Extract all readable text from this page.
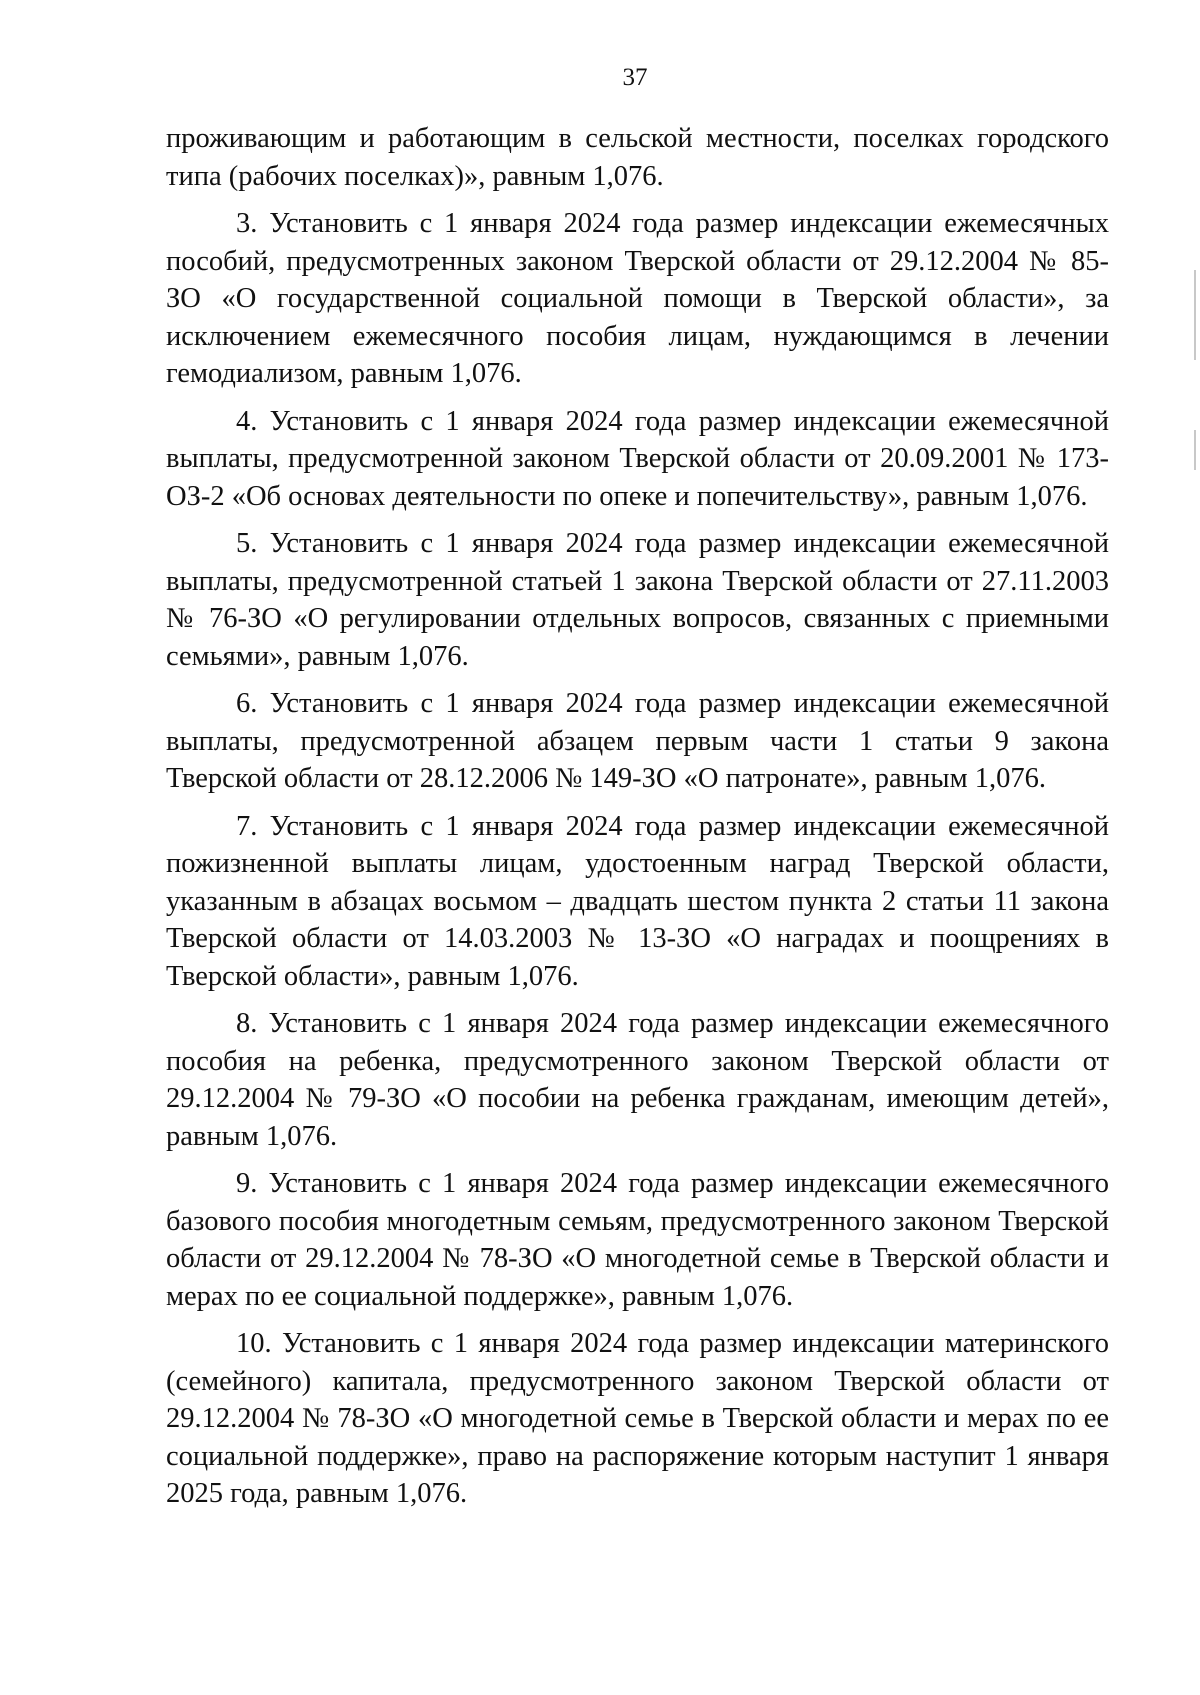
37

проживающим и работающим в сельской местности, поселках городского типа (рабочих поселках)», равным 1,076.

3. Установить с 1 января 2024 года размер индексации ежемесячных пособий, предусмотренных законом Тверской области от 29.12.2004 № 85-ЗО «О государственной социальной помощи в Тверской области», за исключением ежемесячного пособия лицам, нуждающимся в лечении гемодиализом, равным 1,076.

4. Установить с 1 января 2024 года размер индексации ежемесячной выплаты, предусмотренной законом Тверской области от 20.09.2001 № 173-ОЗ-2 «Об основах деятельности по опеке и попечительству», равным 1,076.

5. Установить с 1 января 2024 года размер индексации ежемесячной выплаты, предусмотренной статьей 1 закона Тверской области от 27.11.2003 № 76-ЗО «О регулировании отдельных вопросов, связанных с приемными семьями», равным 1,076.

6. Установить с 1 января 2024 года размер индексации ежемесячной выплаты, предусмотренной абзацем первым части 1 статьи 9 закона Тверской области от 28.12.2006 № 149-ЗО «О патронате», равным 1,076.

7. Установить с 1 января 2024 года размер индексации ежемесячной пожизненной выплаты лицам, удостоенным наград Тверской области, указанным в абзацах восьмом – двадцать шестом пункта 2 статьи 11 закона Тверской области от 14.03.2003 № 13-ЗО «О наградах и поощрениях в Тверской области», равным 1,076.

8. Установить с 1 января 2024 года размер индексации ежемесячного пособия на ребенка, предусмотренного законом Тверской области от 29.12.2004 № 79-ЗО «О пособии на ребенка гражданам, имеющим детей», равным 1,076.

9. Установить с 1 января 2024 года размер индексации ежемесячного базового пособия многодетным семьям, предусмотренного законом Тверской области от 29.12.2004 № 78-ЗО «О многодетной семье в Тверской области и мерах по ее социальной поддержке», равным 1,076.

10. Установить с 1 января 2024 года размер индексации материнского (семейного) капитала, предусмотренного законом Тверской области от 29.12.2004 № 78-ЗО «О многодетной семье в Тверской области и мерах по ее социальной поддержке», право на распоряжение которым наступит 1 января 2025 года, равным 1,076.
